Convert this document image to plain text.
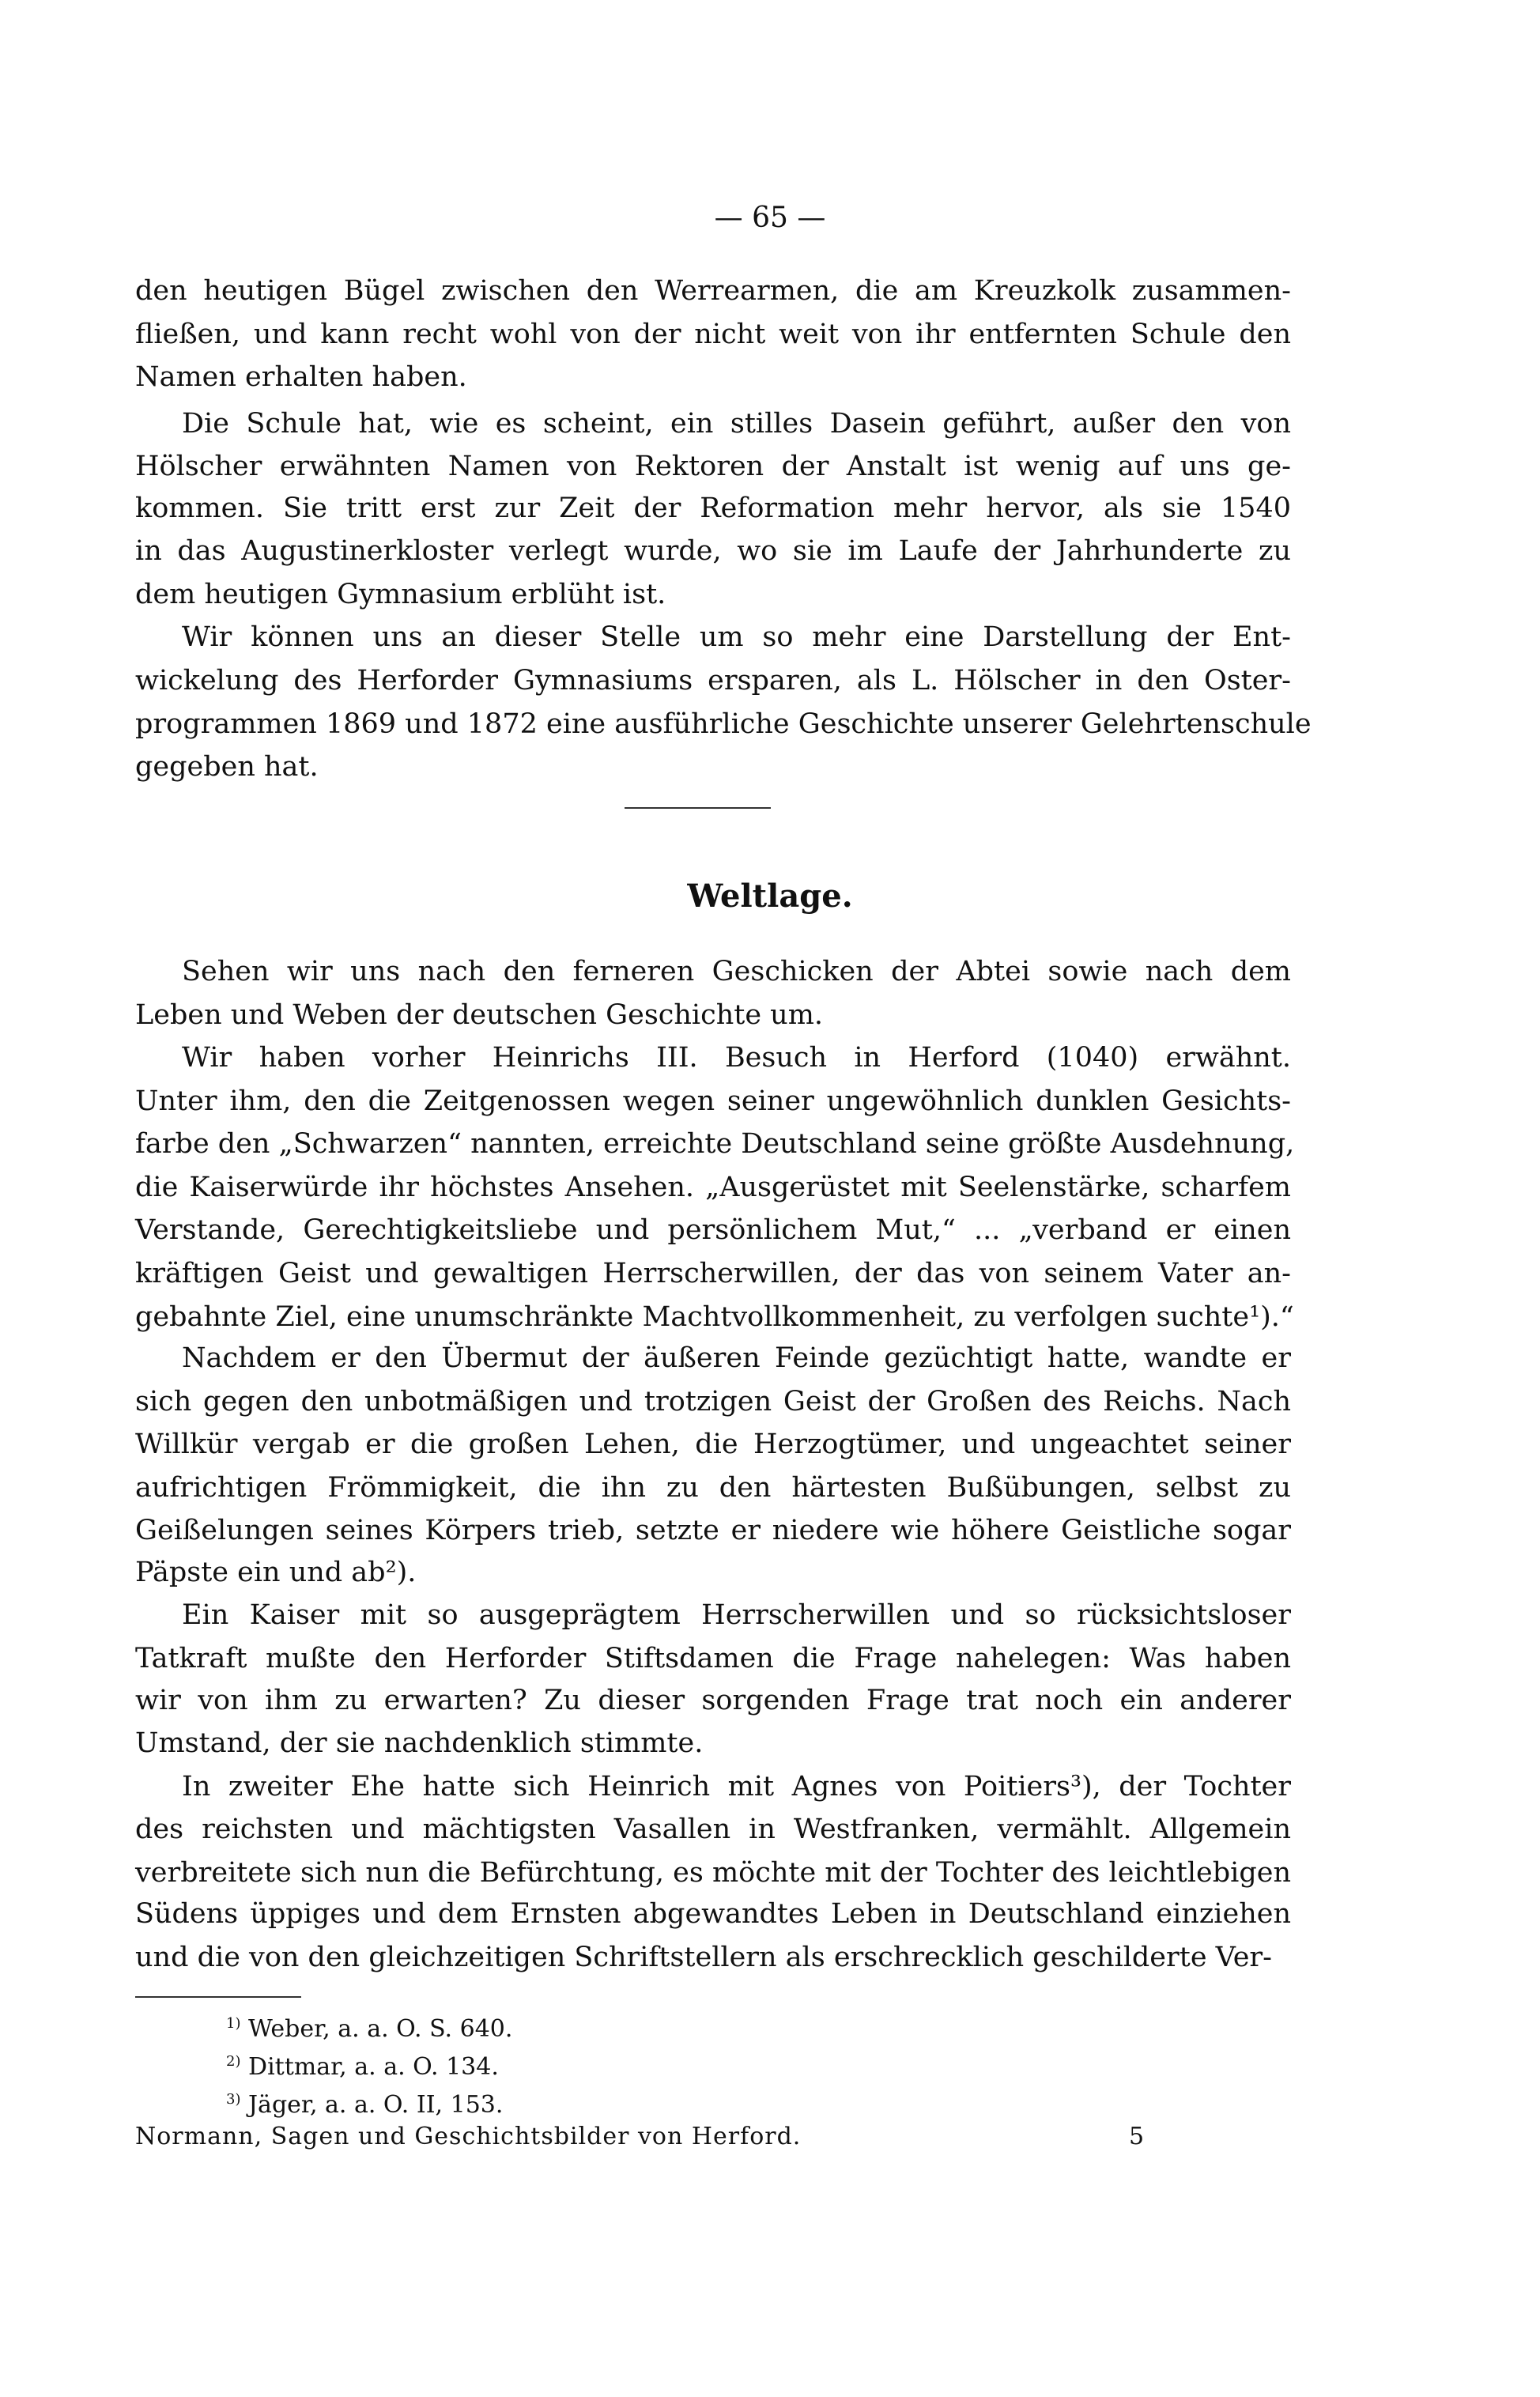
— 65 —
den heutigen Bügel zwischen den Werrearmen, die am Kreuzkolk zusammen-
fließen, und kann recht wohl von der nicht weit von ihr entfernten Schule den
Namen erhalten haben.
Die Schule hat, wie es scheint, ein stilles Dasein geführt, außer den von
Hölscher erwähnten Namen von Rektoren der Anstalt ist wenig auf uns ge-
kommen. Sie tritt erst zur Zeit der Reformation mehr hervor, als sie 1540
in das Augustinerkloster verlegt wurde, wo sie im Laufe der Jahrhunderte zu
dem heutigen Gymnasium erblüht ist.
Wir können uns an dieser Stelle um so mehr eine Darstellung der Ent-
wickelung des Herforder Gymnasiums ersparen, als L. Hölscher in den Oster-
programmen 1869 und 1872 eine ausführliche Geschichte unserer Gelehrtenschule
gegeben hat.
Weltlage.
Sehen wir uns nach den ferneren Geschicken der Abtei sowie nach dem
Leben und Weben der deutschen Geschichte um.
Wir haben vorher Heinrichs III. Besuch in Herford (1040) erwähnt.
Unter ihm, den die Zeitgenossen wegen seiner ungewöhnlich dunklen Gesichts-
farbe den „Schwarzen“ nannten, erreichte Deutschland seine größte Ausdehnung,
die Kaiserwürde ihr höchstes Ansehen. „Ausgerüstet mit Seelenstärke, scharfem
Verstande, Gerechtigkeitsliebe und persönlichem Mut,“ ... „verband er einen
kräftigen Geist und gewaltigen Herrscherwillen, der das von seinem Vater an-
gebahnte Ziel, eine unumschränkte Machtvollkommenheit, zu verfolgen suchte¹).“
Nachdem er den Übermut der äußeren Feinde gezüchtigt hatte, wandte er
sich gegen den unbotmäßigen und trotzigen Geist der Großen des Reichs. Nach
Willkür vergab er die großen Lehen, die Herzogtümer, und ungeachtet seiner
aufrichtigen Frömmigkeit, die ihn zu den härtesten Bußübungen, selbst zu
Geißelungen seines Körpers trieb, setzte er niedere wie höhere Geistliche sogar
Päpste ein und ab²).
Ein Kaiser mit so ausgeprägtem Herrscherwillen und so rücksichtsloser
Tatkraft mußte den Herforder Stiftsdamen die Frage nahelegen: Was haben
wir von ihm zu erwarten? Zu dieser sorgenden Frage trat noch ein anderer
Umstand, der sie nachdenklich stimmte.
In zweiter Ehe hatte sich Heinrich mit Agnes von Poitiers³), der Tochter
des reichsten und mächtigsten Vasallen in Westfranken, vermählt. Allgemein
verbreitete sich nun die Befürchtung, es möchte mit der Tochter des leichtlebigen
Südens üppiges und dem Ernsten abgewandtes Leben in Deutschland einziehen
und die von den gleichzeitigen Schriftstellern als erschrecklich geschilderte Ver-
$^{1)}$ Weber, a. a. O. S. 640.
$^{2)}$ Dittmar, a. a. O. 134.
$^{3)}$ Jäger, a. a. O. II, 153.
Normann, Sagen und Geschichtsbilder von Herford.	5
